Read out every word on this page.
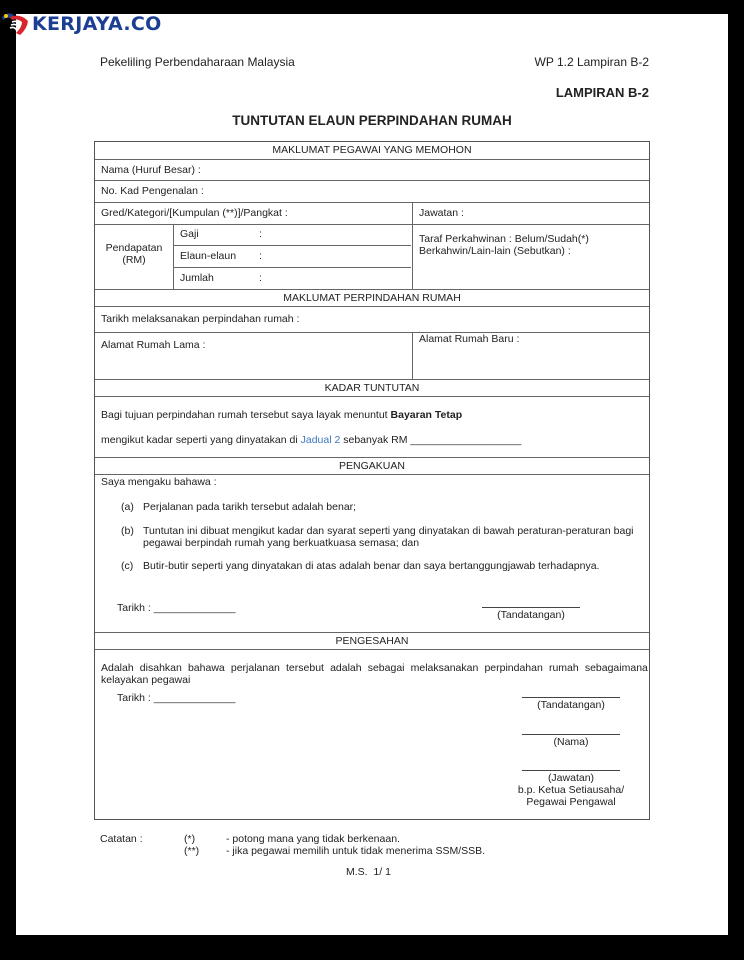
KERJAYA.CO
Pekeliling Perbendaharaan Malaysia	WP 1.2 Lampiran B-2
LAMPIRAN B-2
TUNTUTAN ELAUN PERPINDAHAN RUMAH
MAKLUMAT PEGAWAI YANG MEMOHON
Nama (Huruf Besar) :
No. Kad Pengenalan :
Gred/Kategori/[Kumpulan (**)]/Pangkat :	Jawatan :
Pendapatan
(RM)
Gaji	:
Elaun-elaun :
Jumlah	:
Taraf Perkahwinan : Belum/Sudah(*)
Berkahwin/Lain-lain (Sebutkan) :
MAKLUMAT PERPINDAHAN RUMAH
Tarikh melaksanakan perpindahan rumah :
Alamat Rumah Lama :	Alamat Rumah Baru :
KADAR TUNTUTAN
Bagi tujuan perpindahan rumah tersebut saya layak menuntut Bayaran Tetap
mengikut kadar seperti yang dinyatakan di Jadual 2 sebanyak RM ___________________
PENGAKUAN
Saya mengaku bahawa :
(a) Perjalanan pada tarikh tersebut adalah benar;
(b) Tuntutan ini dibuat mengikut kadar dan syarat seperti yang dinyatakan di bawah peraturan-peraturan bagi
pegawai berpindah rumah yang berkuatkuasa semasa; dan
(c) Butir-butir seperti yang dinyatakan di atas adalah benar dan saya bertanggungjawab terhadapnya.
Tarikh : ______________
(Tandatangan)
PENGESAHAN
Adalah disahkan bahawa perjalanan tersebut adalah sebagai melaksanakan perpindahan rumah sebagaimana
kelayakan pegawai
Tarikh : ______________
(Tandatangan)
(Nama)
(Jawatan)
b.p. Ketua Setiausaha/
Pegawai Pengawal
Catatan :	(*)	- potong mana yang tidak berkenaan.
(**)	- jika pegawai memilih untuk tidak menerima SSM/SSB.
M.S.  1/ 1
